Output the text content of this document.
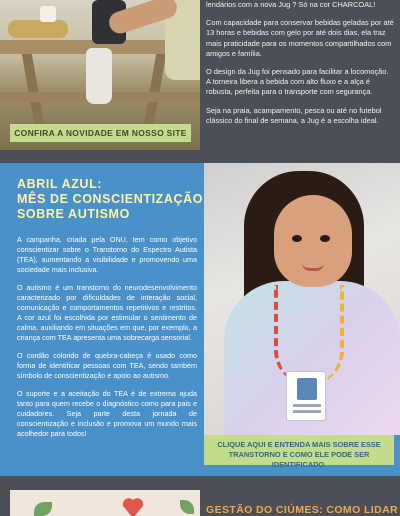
CONFIRA A NOVIDADE EM NOSSO SITE

lendários com a nova Jug ? Só na cor CHARCOAL!

Com capacidade para conservar bebidas geladas por até 13 horas e bebidas com gelo por até dois dias, ela traz mais praticidade para os momentos compartilhados com amigos e família.

O design da Jug foi pensado para facilitar a locomoção. A torneira libera a bebida com alto fluxo e a alça é robusta, perfeita para o transporte com segurança.

Seja na praia, acampamento, pesca ou até no futebol clássico do final de semana, a Jug é a escolha ideal.

ABRIL AZUL:
MÊS DE CONSCIENTIZAÇÃO
SOBRE AUTISMO

A campanha, criada pela ONU, tem como objetivo conscientizar sobre o Transtorno do Espectro Autista (TEA), aumentando a visibilidade e promovendo uma sociedade mais inclusiva.

O autismo é um transtorno do neurodesenvolvimento caracterizado por dificuldades de interação social, comunicação e comportamentos repetitivos e restritos. A cor azul foi escolhida por estimular o sentimento de calma, auxiliando em situações em que, por exemplo, a criança com TEA apresenta uma sobrecarga sensorial.

O cordão colorido de quebra-cabeça é usado como forma de identificar pessoas com TEA, sendo também símbolo de conscientização e apoio ao autismo.

O suporte e a aceitação do TEA é de extrema ajuda tanto para quem recebe o diagnóstico como para pais e cuidadores. Seja parte desta jornada de conscientização e inclusão e promova um mundo mais acolhedor para todos!

CLIQUE AQUI E ENTENDA MAIS SOBRE ESSE
TRANSTORNO E COMO ELE PODE SER IDENTIFICADO.
GESTÃO DO CIÚMES: COMO LIDAR
